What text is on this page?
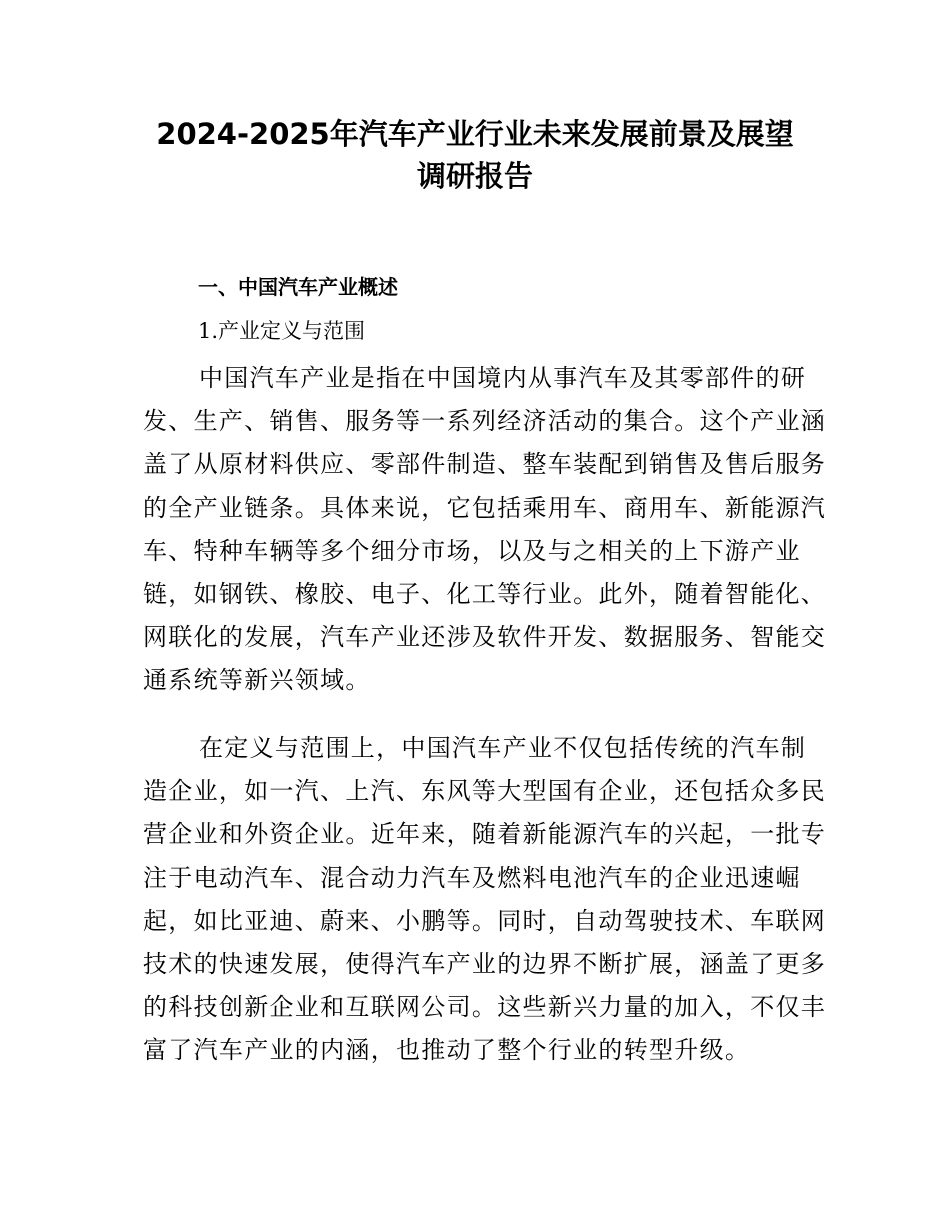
2024-2025年汽车产业行业未来发展前景及展望
调研报告
一、中国汽车产业概述
1.产业定义与范围
中国汽车产业是指在中国境内从事汽车及其零部件的研
发、生产、销售、服务等一系列经济活动的集合。这个产业涵
盖了从原材料供应、零部件制造、整车装配到销售及售后服务
的全产业链条。具体来说，它包括乘用车、商用车、新能源汽
车、特种车辆等多个细分市场，以及与之相关的上下游产业
链，如钢铁、橡胶、电子、化工等行业。此外，随着智能化、
网联化的发展，汽车产业还涉及软件开发、数据服务、智能交
通系统等新兴领域。
在定义与范围上，中国汽车产业不仅包括传统的汽车制
造企业，如一汽、上汽、东风等大型国有企业，还包括众多民
营企业和外资企业。近年来，随着新能源汽车的兴起，一批专
注于电动汽车、混合动力汽车及燃料电池汽车的企业迅速崛
起，如比亚迪、蔚来、小鹏等。同时，自动驾驶技术、车联网
技术的快速发展，使得汽车产业的边界不断扩展，涵盖了更多
的科技创新企业和互联网公司。这些新兴力量的加入，不仅丰
富了汽车产业的内涵，也推动了整个行业的转型升级。
